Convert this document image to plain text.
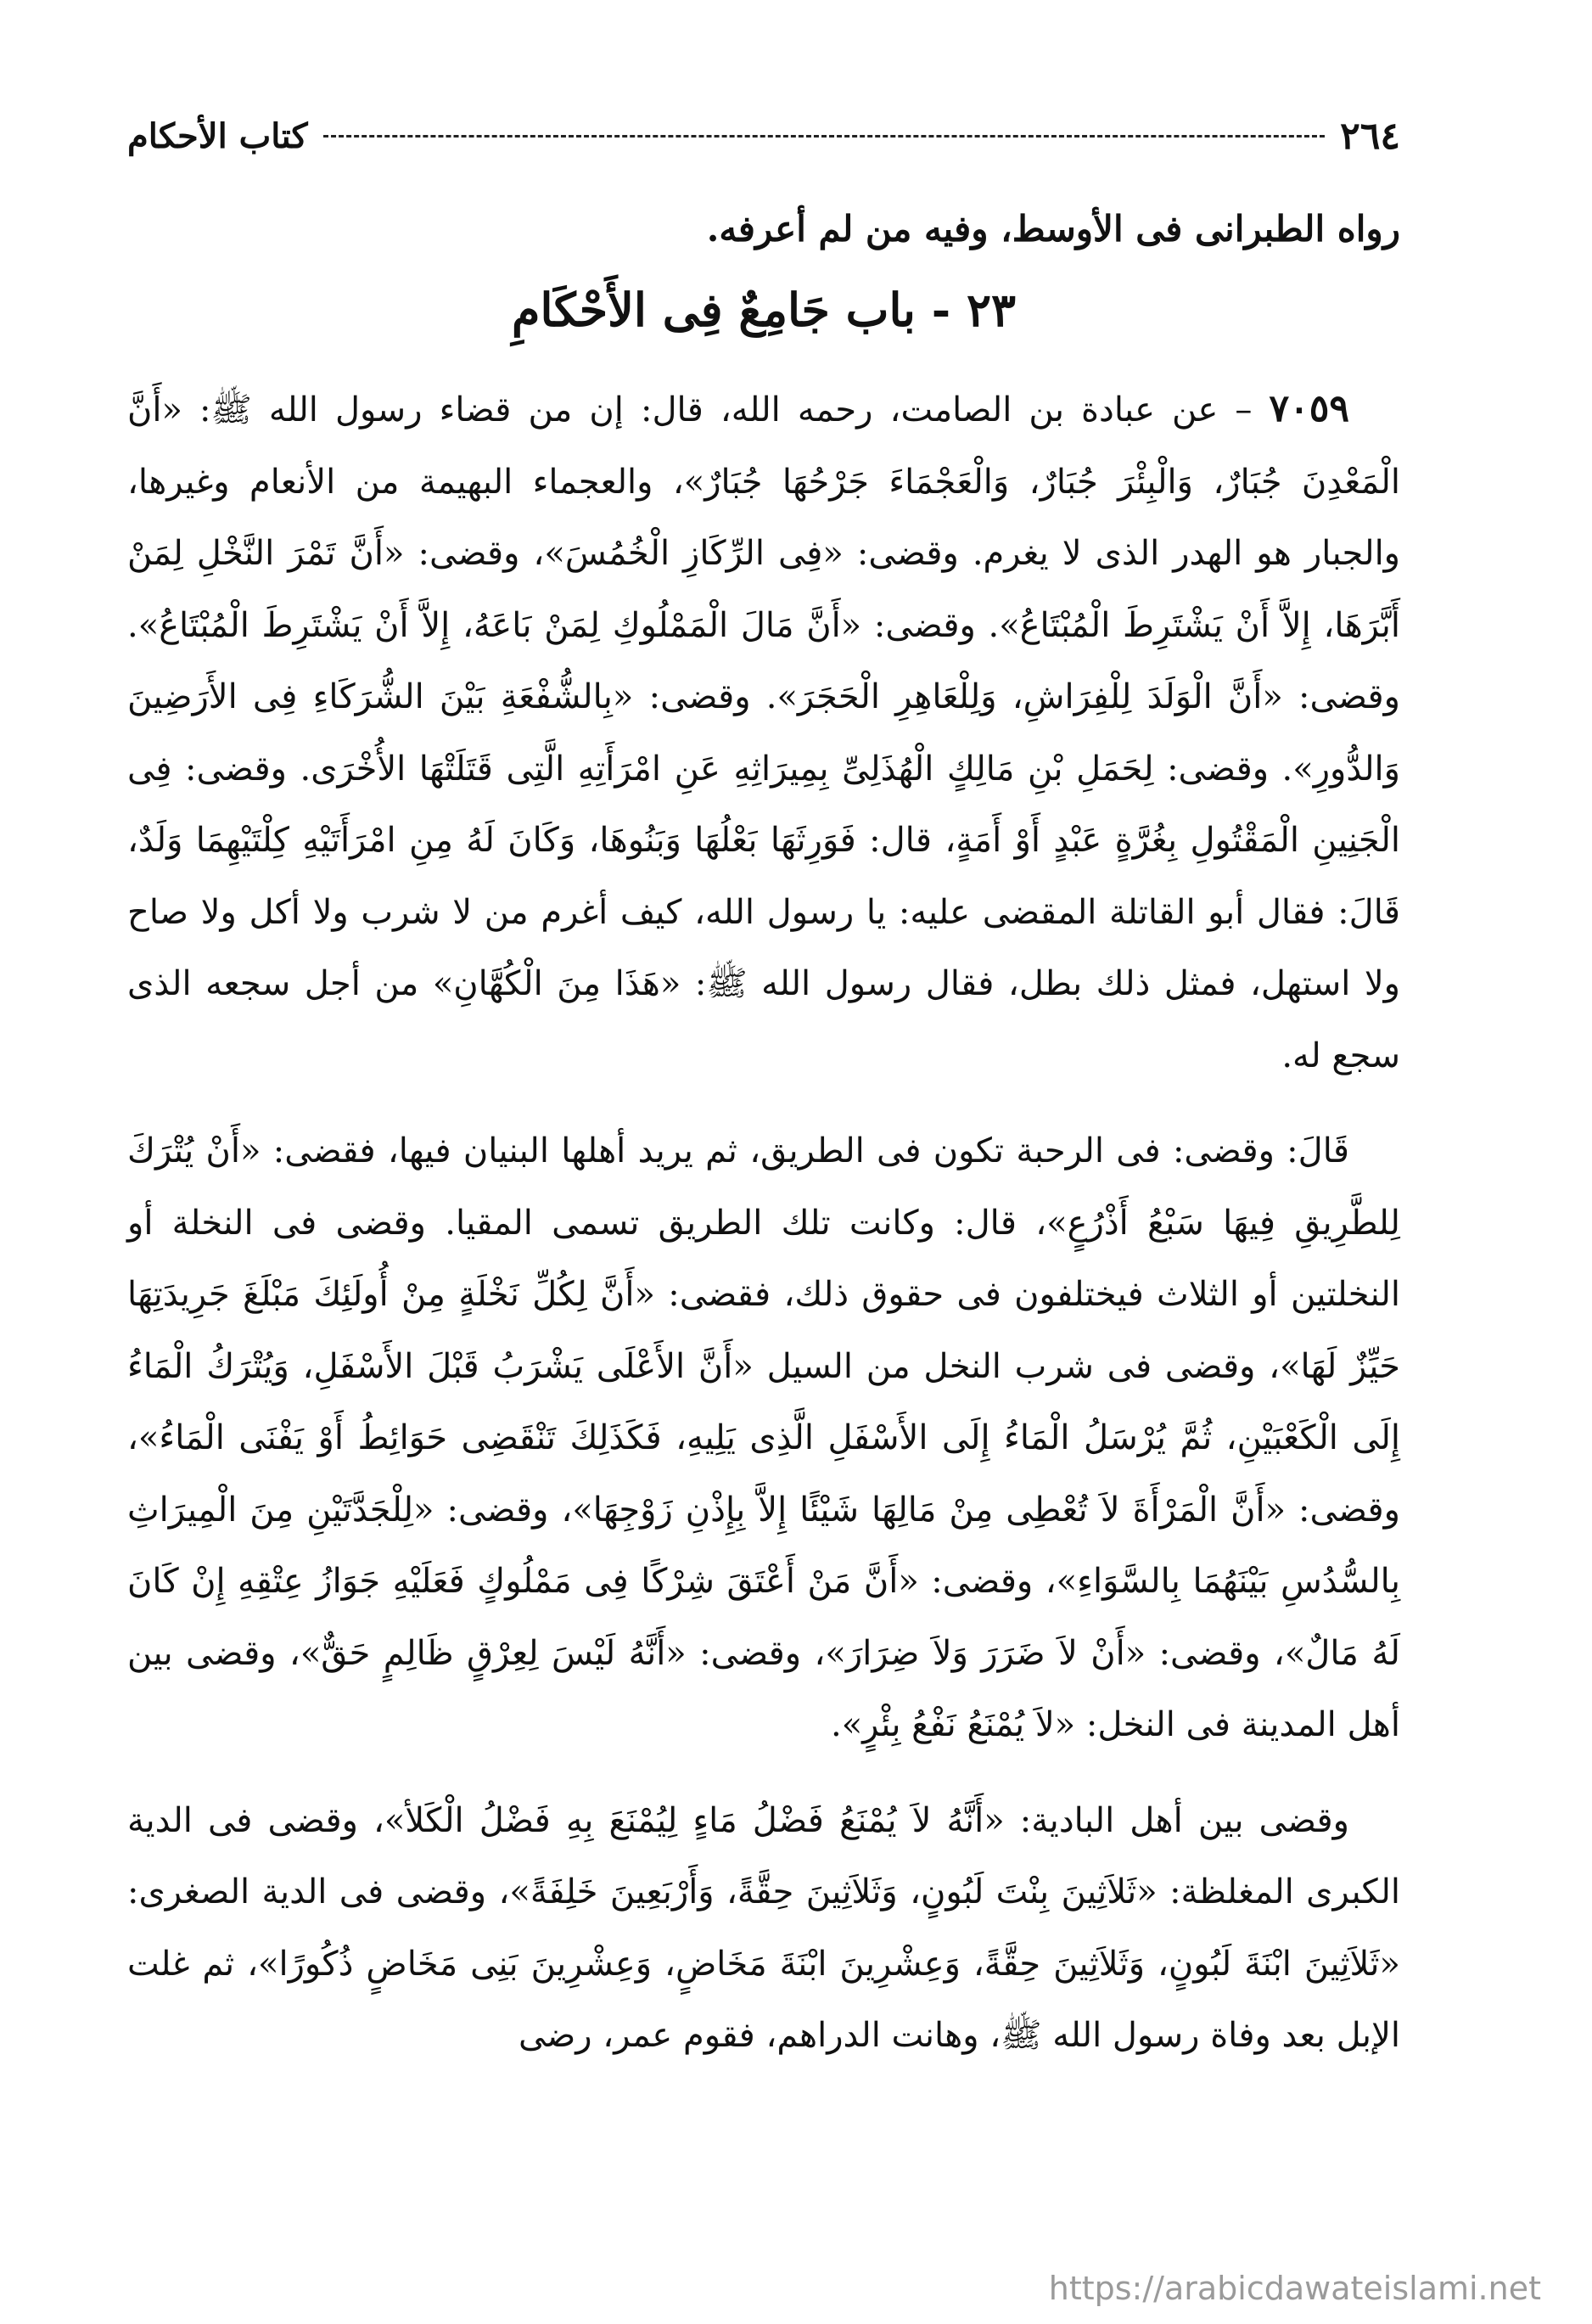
٢٦٤
كتاب الأحكام
رواه الطبرانى فى الأوسط، وفيه من لم أعرفه.
٢٣ - باب جَامِعٌ فِى الأَحْكَامِ

٧٠٥٩ – عن عبادة بن الصامت، رحمه الله، قال: إن من قضاء رسول الله ﷺ: «أَنَّ الْمَعْدِنَ جُبَارٌ، وَالْبِئْرَ جُبَارٌ، وَالْعَجْمَاءَ جَرْحُهَا جُبَارٌ»، والعجماء البهيمة من الأنعام وغيرها، والجبار هو الهدر الذى لا يغرم. وقضى: «فِى الرِّكَازِ الْخُمُسَ»، وقضى: «أَنَّ تَمْرَ النَّخْلِ لِمَنْ أَبَّرَهَا، إِلاَّ أَنْ يَشْتَرِطَ الْمُبْتَاعُ». وقضى: «أَنَّ مَالَ الْمَمْلُوكِ لِمَنْ بَاعَهُ، إِلاَّ أَنْ يَشْتَرِطَ الْمُبْتَاعُ». وقضى: «أَنَّ الْوَلَدَ لِلْفِرَاشِ، وَلِلْعَاهِرِ الْحَجَرَ». وقضى: «بِالشُّفْعَةِ بَيْنَ الشُّرَكَاءِ فِى الأَرَضِينَ وَالدُّورِ». وقضى: لِحَمَلِ بْنِ مَالِكٍ الْهُذَلِىِّ بِمِيرَاثِهِ عَنِ امْرَأَتِهِ الَّتِى قَتَلَتْهَا الأُخْرَى. وقضى: فِى الْجَنِينِ الْمَقْتُولِ بِغُرَّةٍ عَبْدٍ أَوْ أَمَةٍ، قال: فَوَرِثَهَا بَعْلُهَا وَبَنُوهَا، وَكَانَ لَهُ مِنِ امْرَأَتَيْهِ كِلْتَيْهِمَا وَلَدٌ، قَالَ: فقال أبو القاتلة المقضى عليه: يا رسول الله، كيف أغرم من لا شرب ولا أكل ولا صاح ولا استهل، فمثل ذلك بطل، فقال رسول الله ﷺ: «هَذَا مِنَ الْكُهَّانِ» من أجل سجعه الذى سجع له.

قَالَ: وقضى: فى الرحبة تكون فى الطريق، ثم يريد أهلها البنيان فيها، فقضى: «أَنْ يُتْرَكَ لِلطَّرِيقِ فِيهَا سَبْعُ أَذْرُعٍ»، قال: وكانت تلك الطريق تسمى المقيا. وقضى فى النخلة أو النخلتين أو الثلاث فيختلفون فى حقوق ذلك، فقضى: «أَنَّ لِكُلِّ نَخْلَةٍ مِنْ أُولَئِكَ مَبْلَغَ جَرِيدَتِهَا حَيِّزٌ لَهَا»، وقضى فى شرب النخل من السيل «أَنَّ الأَعْلَى يَشْرَبُ قَبْلَ الأَسْفَلِ، وَيُتْرَكُ الْمَاءُ إِلَى الْكَعْبَيْنِ، ثُمَّ يُرْسَلُ الْمَاءُ إِلَى الأَسْفَلِ الَّذِى يَلِيهِ، فَكَذَلِكَ تَنْقَضِى حَوَائِطُ أَوْ يَفْنَى الْمَاءُ»، وقضى: «أَنَّ الْمَرْأَةَ لاَ تُعْطِى مِنْ مَالِهَا شَيْئًا إِلاَّ بِإِذْنِ زَوْجِهَا»، وقضى: «لِلْجَدَّتَيْنِ مِنَ الْمِيرَاثِ بِالسُّدُسِ بَيْنَهُمَا بِالسَّوَاءِ»، وقضى: «أَنَّ مَنْ أَعْتَقَ شِرْكًا فِى مَمْلُوكٍ فَعَلَيْهِ جَوَازُ عِتْقِهِ إِنْ كَانَ لَهُ مَالٌ»، وقضى: «أَنْ لاَ ضَرَرَ وَلاَ ضِرَارَ»، وقضى: «أَنَّهُ لَيْسَ لِعِرْقٍ ظَالِمٍ حَقٌّ»، وقضى بين أهل المدينة فى النخل: «لاَ يُمْنَعُ نَفْعُ بِئْرٍ».

وقضى بين أهل البادية: «أَنَّهُ لاَ يُمْنَعُ فَضْلُ مَاءٍ لِيُمْنَعَ بِهِ فَضْلُ الْكَلأ»، وقضى فى الدية الكبرى المغلظة: «ثَلاَثِينَ بِنْتَ لَبُونٍ، وَثَلاَثِينَ حِقَّةً، وَأَرْبَعِينَ خَلِفَةً»، وقضى فى الدية الصغرى: «ثَلاَثِينَ ابْنَةَ لَبُونٍ، وَثَلاَثِينَ حِقَّةً، وَعِشْرِينَ ابْنَةَ مَخَاضٍ، وَعِشْرِينَ بَنِى مَخَاضٍ ذُكُورًا»، ثم غلت الإبل بعد وفاة رسول الله ﷺ، وهانت الدراهم، فقوم عمر، رضى

https://arabicdawateislami.net
